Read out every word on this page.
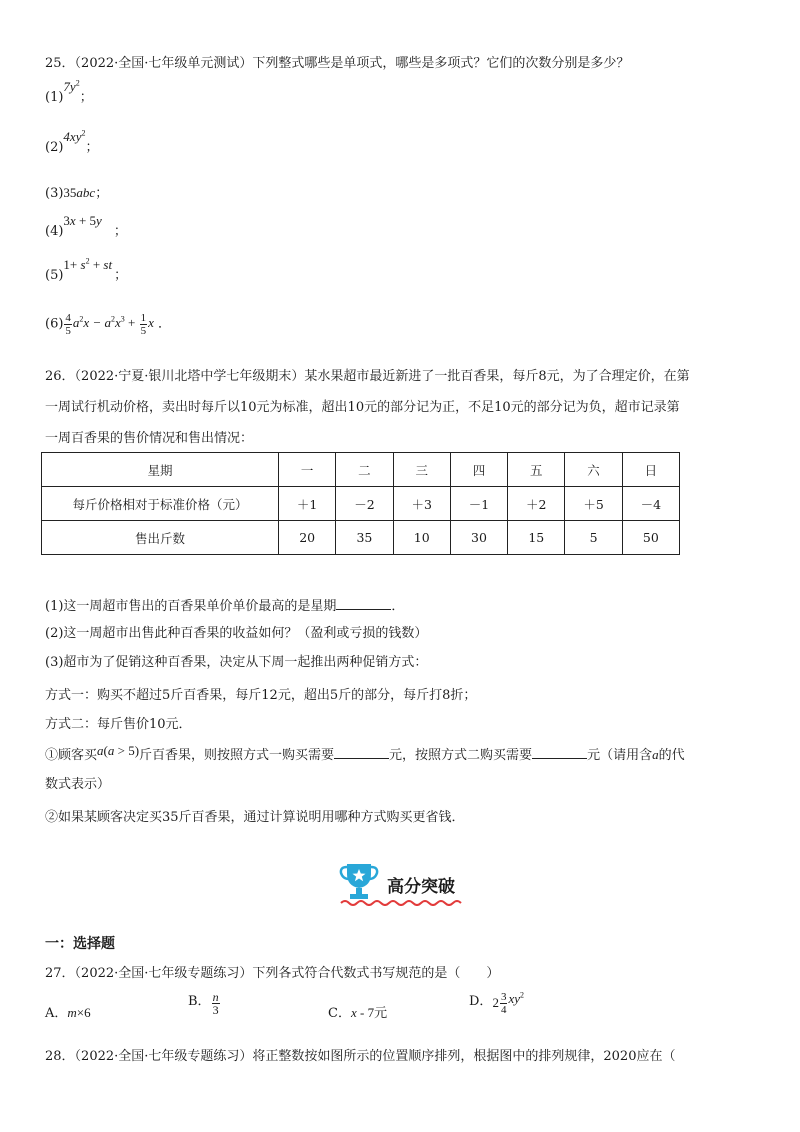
25．（2022·全国·七年级单元测试）下列整式哪些是单项式，哪些是多项式？它们的次数分别是多少？
$(1)7y^2$；
$(2)4xy^2$；
(3)35abc；
(4)3x + 5y；
$(5)1+ s^2$ + st；
$(6) \frac{4}{5} a^2x - a^2x^3 + \frac{1}{5}$ x ．
26．（2022·宁夏·银川北塔中学七年级期末）某水果超市最近新进了一批百香果，每斤8元，为了合理定价，在第
一周试行机动价格，卖出时每斤以10元为标准，超出10元的部分记为正，不足10元的部分记为负，超市记录第
一周百香果的售价情况和售出情况：
星期	一	二	三	四	五	六	日
每斤价格相对于标准价格（元）	＋1	－2	＋3	－1	＋2	＋5	－4
售出斤数	20	35	10	30	15	5	50
(1)这一周超市售出的百香果单价单价最高的是星期	．
(2)这一周超市出售此种百香果的收益如何？（盈利或亏损的钱数）
(3)超市为了促销这种百香果，决定从下周一起推出两种促销方式：
方式一：购买不超过5斤百香果，每斤12元，超出5斤的部分，每斤打8折；
方式二：每斤售价10元．
①顾客买a(a > 5)斤百香果，则按照方式一购买需要	元，按照方式二购买需要	元（请用含a的代
数式表示）
②如果某顾客决定买35斤百香果，通过计算说明用哪种方式购买更省钱．
高分突破
一：选择题
27．（2022·全国·七年级专题练习）下列各式符合代数式书写规范的是（　　）
A．m×6
B． $\frac{n}{3}$	C．x - 7元
D．$2 \frac{3}{4} xy^2$
28．（2022·全国·七年级专题练习）将正整数按如图所示的位置顺序排列，根据图中的排列规律，2020应在（
